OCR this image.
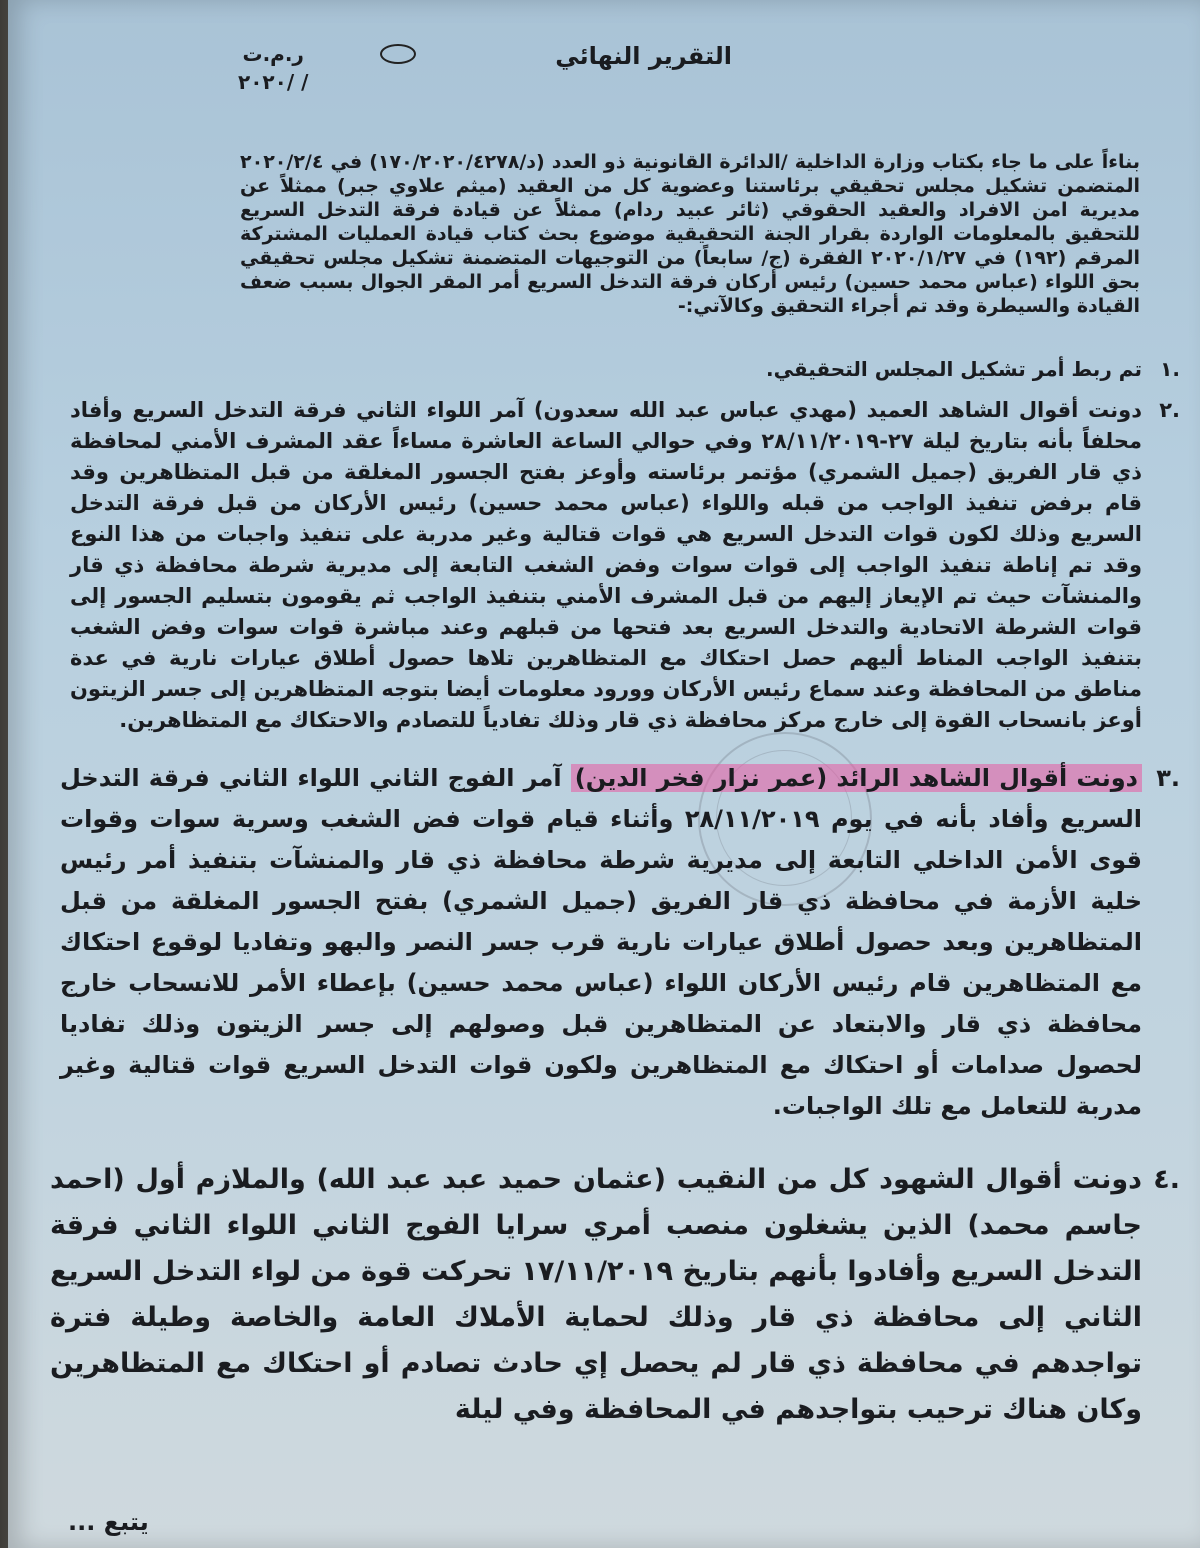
التقرير النهائي
ر.م.ت
/ /٢٠٢٠

بناءاً على ما جاء بكتاب وزارة الداخلية /الدائرة القانونية ذو العدد (د/١٧٠/٢٠٢٠/٤٢٧٨) في ٢٠٢٠/٢/٤ المتضمن تشكيل مجلس تحقيقي برئاستنا وعضوية كل من العقيد (ميثم علاوي جبر) ممثلاً عن مديرية امن الافراد والعقيد الحقوقي (ثائر عبيد ردام) ممثلاً عن قيادة فرقة التدخل السريع للتحقيق بالمعلومات الواردة بقرار الجنة التحقيقية موضوع بحث كتاب قيادة العمليات المشتركة المرقم (١٩٢) في ٢٠٢٠/١/٢٧ الفقرة (ج/ سابعاً) من التوجيهات المتضمنة تشكيل مجلس تحقيقي بحق اللواء (عباس محمد حسين) رئيس أركان فرقة التدخل السريع أمر المقر الجوال بسبب ضعف القيادة والسيطرة وقد تم أجراء التحقيق وكالآتي:-

.١

تم ربط أمر تشكيل المجلس التحقيقي.

.٢

دونت أقوال الشاهد العميد (مهدي عباس عبد الله سعدون) آمر اللواء الثاني فرقة التدخل السريع وأفاد محلفاً بأنه بتاريخ ليلة ٢٧-٢٨/١١/٢٠١٩ وفي حوالي الساعة العاشرة مساءاً عقد المشرف الأمني لمحافظة ذي قار الفريق (جميل الشمري) مؤتمر برئاسته وأوعز بفتح الجسور المغلقة من قبل المتظاهرين وقد قام برفض تنفيذ الواجب من قبله واللواء (عباس محمد حسين) رئيس الأركان من قبل فرقة التدخل السريع وذلك لكون قوات التدخل السريع هي قوات قتالية وغير مدربة على تنفيذ واجبات من هذا النوع وقد تم إناطة تنفيذ الواجب إلى قوات سوات وفض الشغب التابعة إلى مديرية شرطة محافظة ذي قار والمنشآت حيث تم الإيعاز إليهم من قبل المشرف الأمني بتنفيذ الواجب ثم يقومون بتسليم الجسور إلى قوات الشرطة الاتحادية والتدخل السريع بعد فتحها من قبلهم وعند مباشرة قوات سوات وفض الشغب بتنفيذ الواجب المناط أليهم حصل احتكاك مع المتظاهرين تلاها حصول أطلاق عيارات نارية في عدة مناطق من المحافظة وعند سماع رئيس الأركان وورود معلومات أيضا بتوجه المتظاهرين إلى جسر الزيتون أوعز بانسحاب القوة إلى خارج مركز محافظة ذي قار وذلك تفادياً للتصادم والاحتكاك مع المتظاهرين.

.٣

دونت أقوال الشاهد الرائد (عمر نزار فخر الدين) آمر الفوج الثاني اللواء الثاني فرقة التدخل السريع وأفاد بأنه في يوم ٢٨/١١/٢٠١٩ وأثناء قيام قوات فض الشغب وسرية سوات وقوات قوى الأمن الداخلي التابعة إلى مديرية شرطة محافظة ذي قار والمنشآت بتنفيذ أمر رئيس خلية الأزمة في محافظة ذي قار الفريق (جميل الشمري) بفتح الجسور المغلقة من قبل المتظاهرين وبعد حصول أطلاق عيارات نارية قرب جسر النصر والبهو وتفاديا لوقوع احتكاك مع المتظاهرين قام رئيس الأركان اللواء (عباس محمد حسين) بإعطاء الأمر للانسحاب خارج محافظة ذي قار والابتعاد عن المتظاهرين قبل وصولهم إلى جسر الزيتون وذلك تفاديا لحصول صدامات أو احتكاك مع المتظاهرين ولكون قوات التدخل السريع قوات قتالية وغير مدربة للتعامل مع تلك الواجبات.

.٤

دونت أقوال الشهود كل من النقيب (عثمان حميد عبد عبد الله) والملازم أول (احمد جاسم محمد) الذين يشغلون منصب أمري سرايا الفوج الثاني اللواء الثاني فرقة التدخل السريع وأفادوا بأنهم بتاريخ ١٧/١١/٢٠١٩ تحركت قوة من لواء التدخل السريع الثاني إلى محافظة ذي قار وذلك لحماية الأملاك العامة والخاصة وطيلة فترة تواجدهم في محافظة ذي قار لم يحصل إي حادث تصادم أو احتكاك مع المتظاهرين وكان هناك ترحيب بتواجدهم في المحافظة وفي ليلة

يتبع ...
